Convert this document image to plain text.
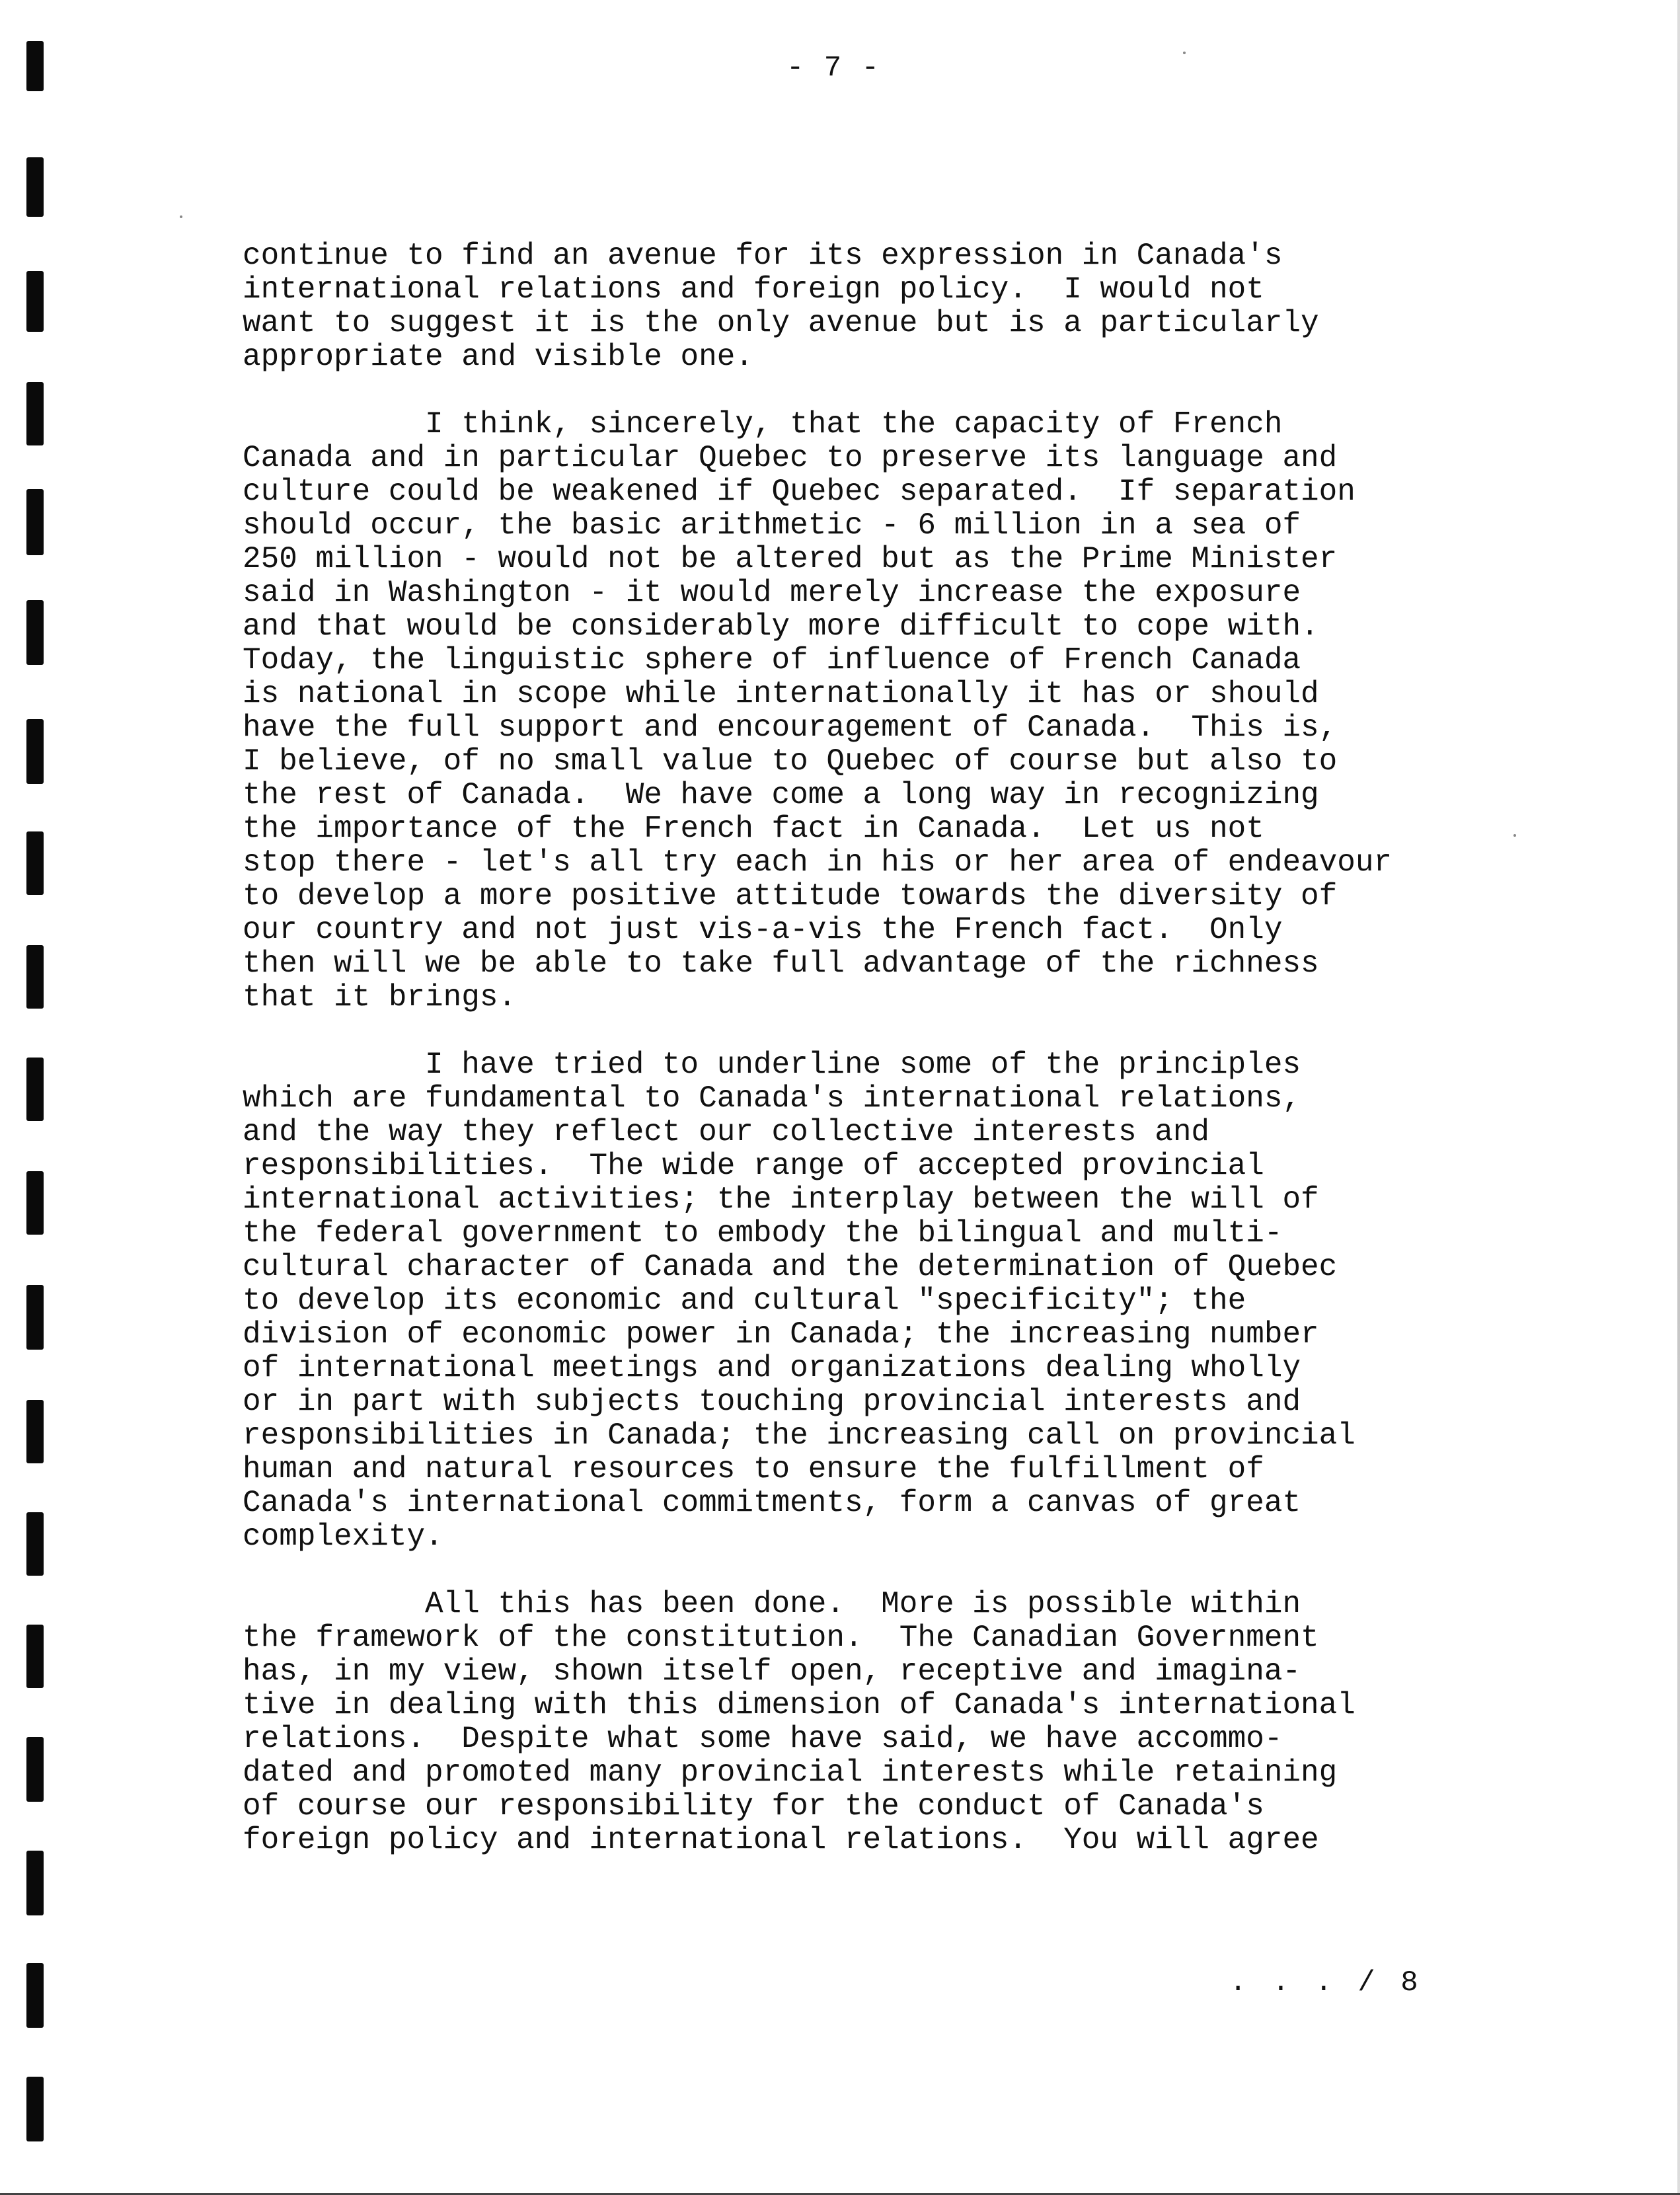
- 7 -

continue to find an avenue for its expression in Canada's
international relations and foreign policy.  I would not
want to suggest it is the only avenue but is a particularly
appropriate and visible one.

I think, sincerely, that the capacity of French
Canada and in particular Quebec to preserve its language and
culture could be weakened if Quebec separated.  If separation
should occur, the basic arithmetic - 6 million in a sea of
250 million - would not be altered but as the Prime Minister
said in Washington - it would merely increase the exposure
and that would be considerably more difficult to cope with.
Today, the linguistic sphere of influence of French Canada
is national in scope while internationally it has or should
have the full support and encouragement of Canada.  This is,
I believe, of no small value to Quebec of course but also to
the rest of Canada.  We have come a long way in recognizing
the importance of the French fact in Canada.  Let us not
stop there - let's all try each in his or her area of endeavour
to develop a more positive attitude towards the diversity of
our country and not just vis-a-vis the French fact.  Only
then will we be able to take full advantage of the richness
that it brings.

I have tried to underline some of the principles
which are fundamental to Canada's international relations,
and the way they reflect our collective interests and
responsibilities.  The wide range of accepted provincial
international activities; the interplay between the will of
the federal government to embody the bilingual and multi-
cultural character of Canada and the determination of Quebec
to develop its economic and cultural "specificity"; the
division of economic power in Canada; the increasing number
of international meetings and organizations dealing wholly
or in part with subjects touching provincial interests and
responsibilities in Canada; the increasing call on provincial
human and natural resources to ensure the fulfillment of
Canada's international commitments, form a canvas of great
complexity.

All this has been done.  More is possible within
the framework of the constitution.  The Canadian Government
has, in my view, shown itself open, receptive and imagina-
tive in dealing with this dimension of Canada's international
relations.  Despite what some have said, we have accommo-
dated and promoted many provincial interests while retaining
of course our responsibility for the conduct of Canada's
foreign policy and international relations.  You will agree

. . . / 8
